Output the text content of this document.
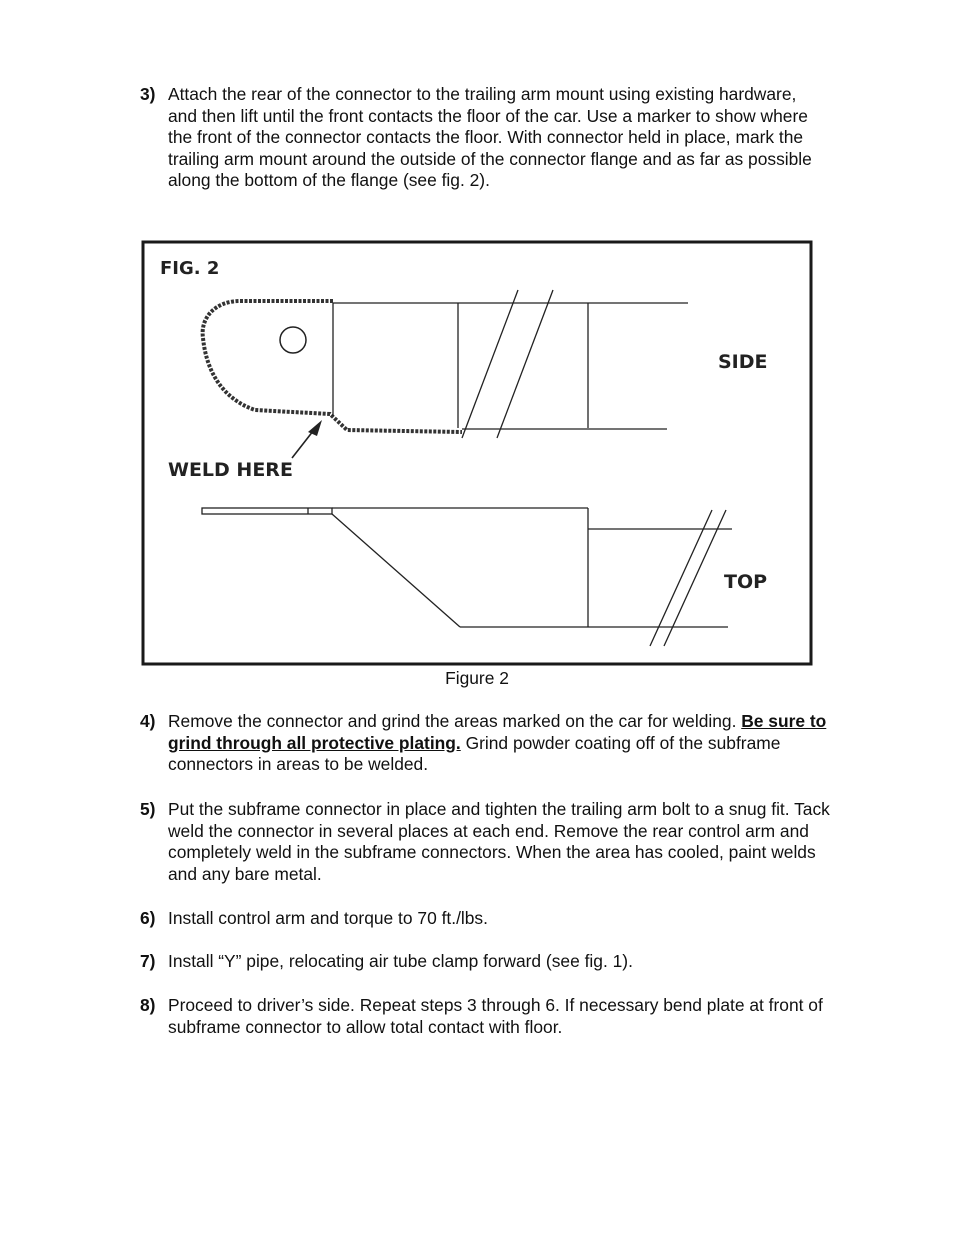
3) Attach the rear of the connector to the trailing arm mount using existing hardware, and then lift until the front contacts the floor of the car. Use a marker to show where the front of the connector contacts the floor. With connector held in place, mark the trailing arm mount around the outside of the connector flange and as far as possible along the bottom of the flange (see fig. 2).
FIG. 2
SIDE
WELD HERE
TOP
Figure 2
4) Remove the connector and grind the areas marked on the car for welding. Be sure to grind through all protective plating. Grind powder coating off of the subframe connectors in areas to be welded.
5) Put the subframe connector in place and tighten the trailing arm bolt to a snug fit. Tack weld the connector in several places at each end. Remove the rear control arm and completely weld in the subframe connectors. When the area has cooled, paint welds and any bare metal.
6) Install control arm and torque to 70 ft./lbs.
7) Install “Y” pipe, relocating air tube clamp forward (see fig. 1).
8) Proceed to driver’s side. Repeat steps 3 through 6. If necessary bend plate at front of subframe connector to allow total contact with floor.
